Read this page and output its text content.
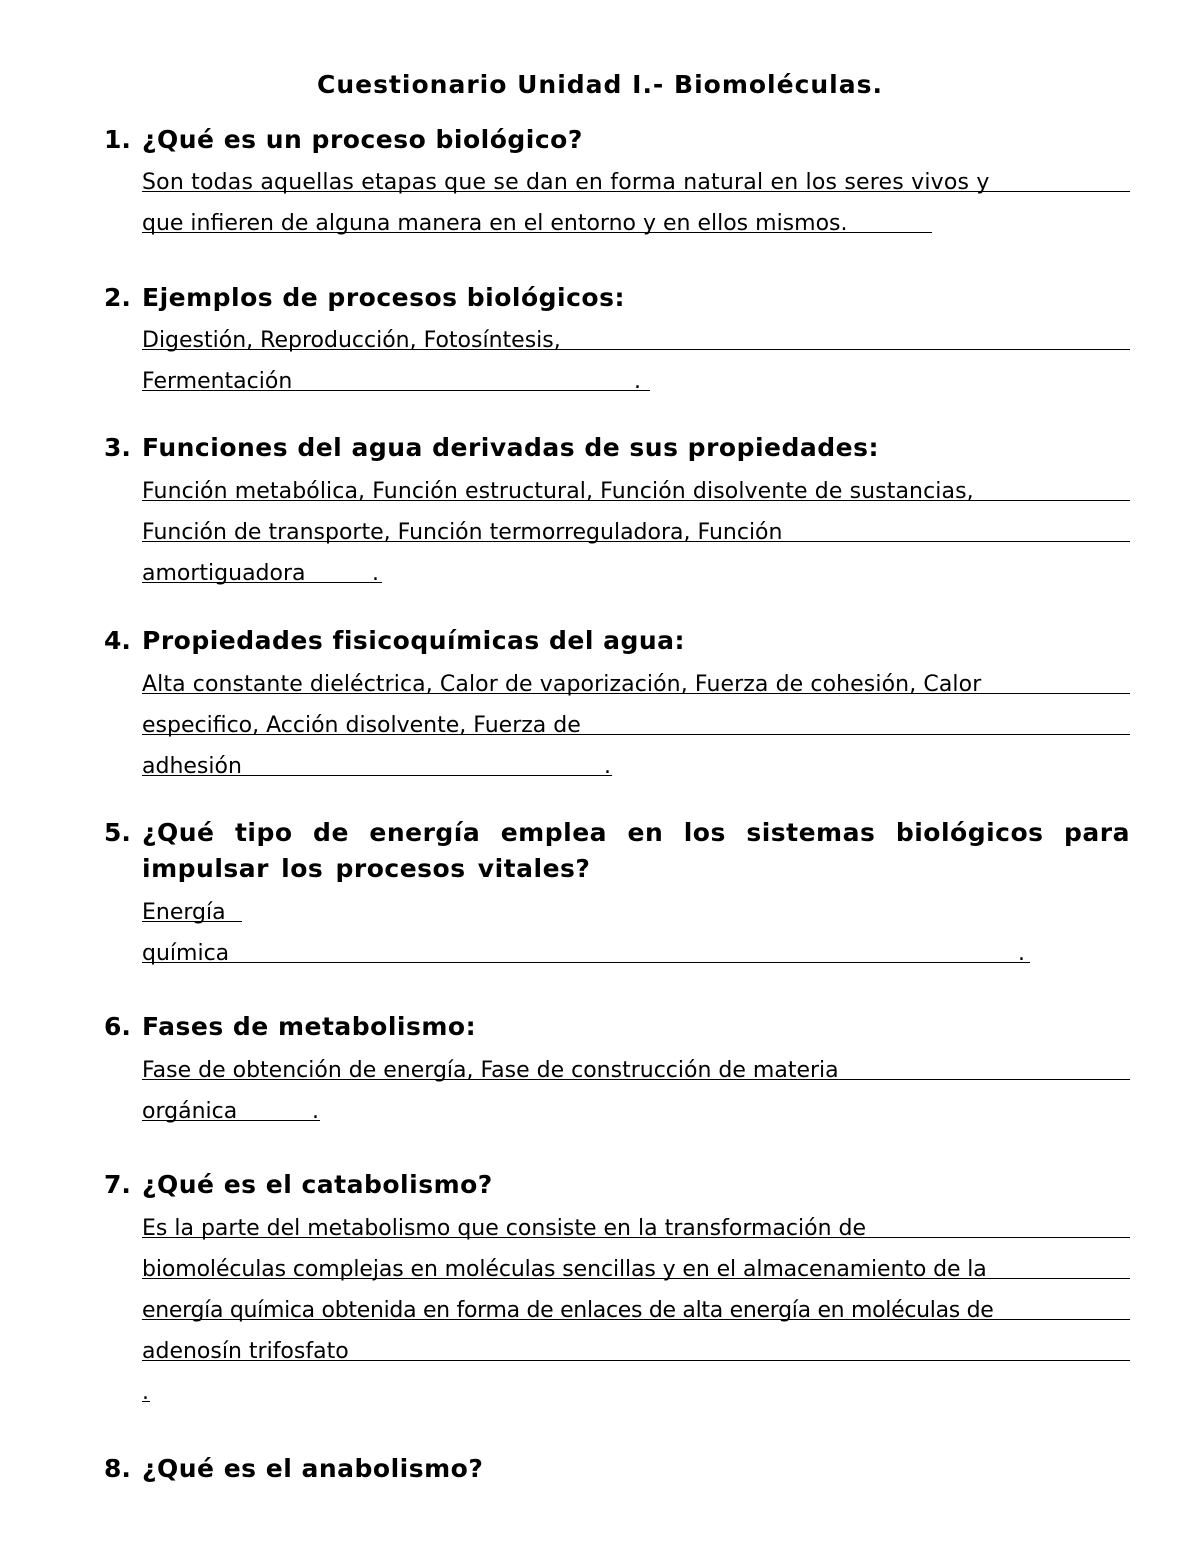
Cuestionario Unidad I.- Biomoléculas.
1. ¿Qué es un proceso biológico?
Son todas aquellas etapas que se dan en forma natural en los seres vivos y
que infieren de alguna manera en el entorno y en ellos mismos.
2. Ejemplos de procesos biológicos:
Digestión, Reproducción, Fotosíntesis,
Fermentación	.
3. Funciones del agua derivadas de sus propiedades:
Función metabólica, Función estructural, Función disolvente de sustancias,
Función de transporte, Función termorreguladora, Función
amortiguadora	.
4. Propiedades fisicoquímicas del agua:
Alta constante dieléctrica, Calor de vaporización, Fuerza de cohesión, Calor
especifico, Acción disolvente, Fuerza de
adhesión	.
5. ¿Qué tipo de energía emplea en los sistemas biológicos para impulsar los procesos vitales?
Energía
química	.
6. Fases de metabolismo:
Fase de obtención de energía, Fase de construcción de materia
orgánica	.
7. ¿Qué es el catabolismo?
Es la parte del metabolismo que consiste en la transformación de
biomoléculas complejas en moléculas sencillas y en el almacenamiento de la
energía química obtenida en forma de enlaces de alta energía en moléculas de
adenosín trifosfato
.
8. ¿Qué es el anabolismo?
